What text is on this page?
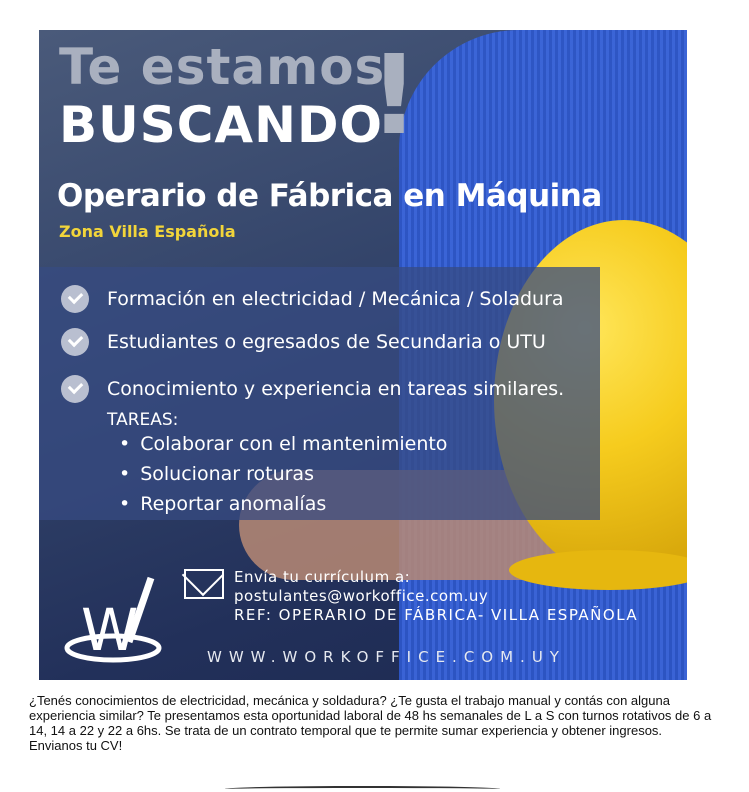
Te estamos
BUSCANDO
!
Operario de Fábrica en Máquina
Zona Villa Española
Formación en electricidad / Mecánica / Soladura
Estudiantes o egresados de Secundaria o UTU
Conocimiento y experiencia en tareas similares.
TAREAS:
• Colaborar con el mantenimiento
• Solucionar roturas
• Reportar anomalías
W
Envía tu currículum a:
postulantes@workoffice.com.uy
REF: OPERARIO DE FÁBRICA- VILLA ESPAÑOLA
WWW.WORKOFFICE.COM.UY
¿Tenés conocimientos de electricidad, mecánica y soldadura? ¿Te gusta el trabajo manual y contás con alguna experiencia similar? Te presentamos esta oportunidad laboral de 48 hs semanales de L a S con turnos rotativos de 6 a 14, 14 a 22 y 22 a 6hs. Se trata de un contrato temporal que te permite sumar experiencia y obtener ingresos.
Envianos tu CV!
